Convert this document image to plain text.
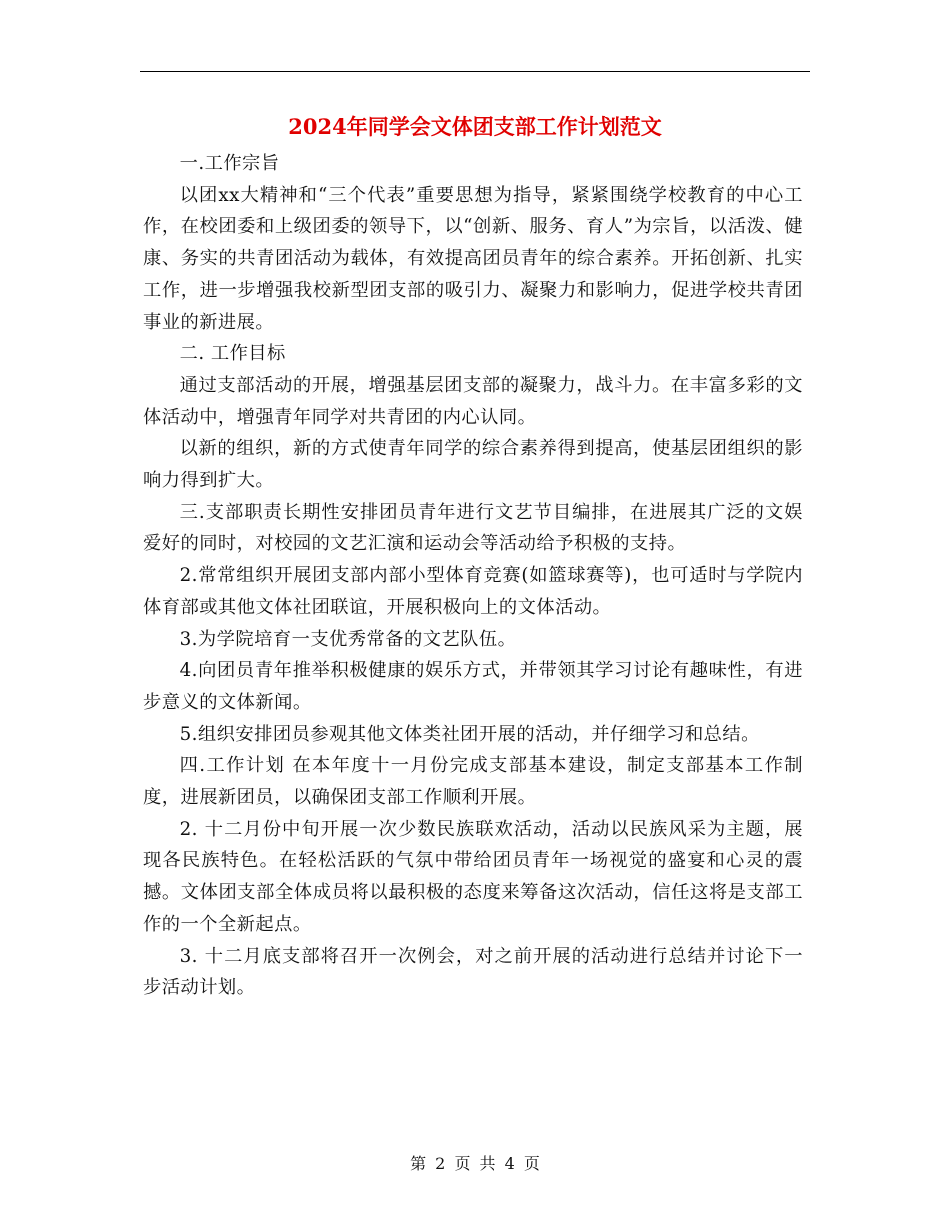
2024年同学会文体团支部工作计划范文

一.工作宗旨

以团xx大精神和“三个代表”重要思想为指导，紧紧围绕学校教育的中心工作，在校团委和上级团委的领导下，以“创新、服务、育人”为宗旨，以活泼、健康、务实的共青团活动为载体，有效提高团员青年的综合素养。开拓创新、扎实工作，进一步增强我校新型团支部的吸引力、凝聚力和影响力，促进学校共青团事业的新进展。

二. 工作目标

通过支部活动的开展，增强基层团支部的凝聚力，战斗力。在丰富多彩的文体活动中，增强青年同学对共青团的内心认同。

以新的组织，新的方式使青年同学的综合素养得到提高，使基层团组织的影响力得到扩大。

三.支部职责长期性安排团员青年进行文艺节目编排，在进展其广泛的文娱爱好的同时，对校园的文艺汇演和运动会等活动给予积极的支持。

2.常常组织开展团支部内部小型体育竞赛(如篮球赛等)，也可适时与学院内体育部或其他文体社团联谊，开展积极向上的文体活动。

3.为学院培育一支优秀常备的文艺队伍。

4.向团员青年推举积极健康的娱乐方式，并带领其学习讨论有趣味性，有进步意义的文体新闻。

5.组织安排团员参观其他文体类社团开展的活动，并仔细学习和总结。

四.工作计划 在本年度十一月份完成支部基本建设，制定支部基本工作制度，进展新团员，以确保团支部工作顺利开展。

2. 十二月份中旬开展一次少数民族联欢活动，活动以民族风采为主题，展现各民族特色。在轻松活跃的气氛中带给团员青年一场视觉的盛宴和心灵的震撼。文体团支部全体成员将以最积极的态度来筹备这次活动，信任这将是支部工作的一个全新起点。

3. 十二月底支部将召开一次例会，对之前开展的活动进行总结并讨论下一步活动计划。

第 2 页 共 4 页
